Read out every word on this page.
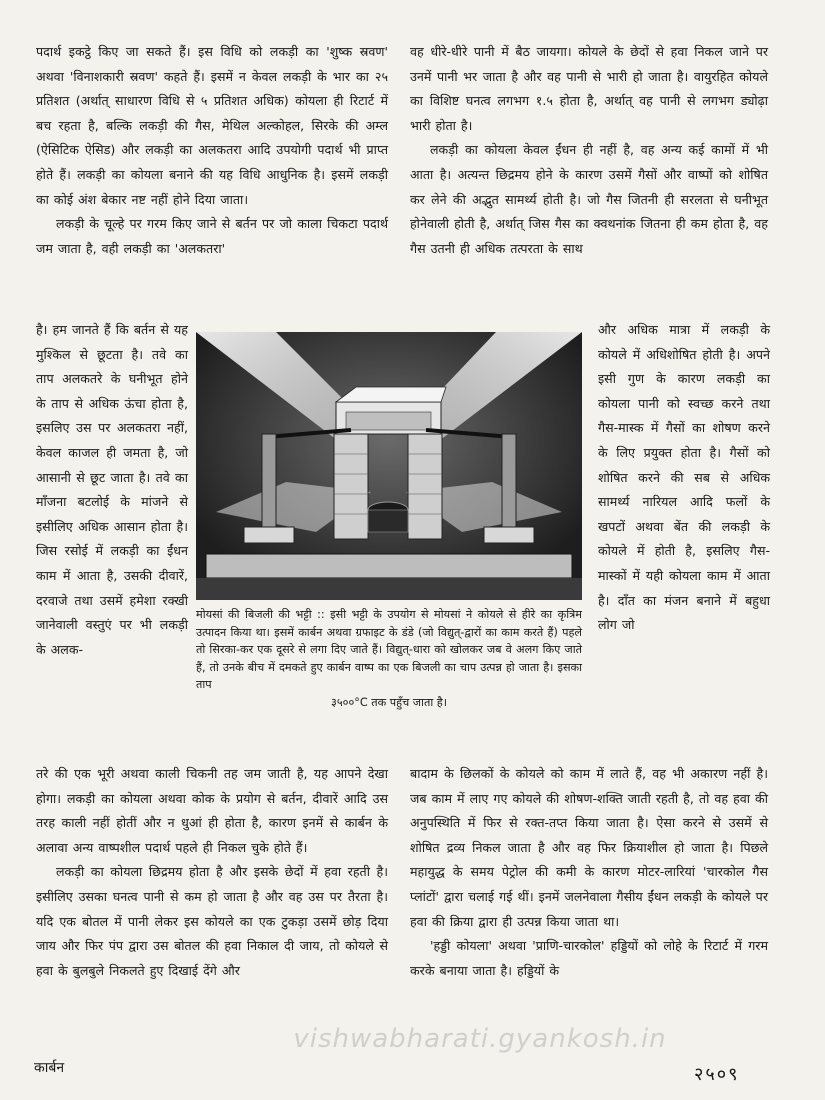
पदार्थ इकट्ठे किए जा सकते हैं। इस विधि को लकड़ी का 'शुष्क स्रवण' अथवा 'विनाशकारी स्रवण' कहते हैं। इसमें न केवल लकड़ी के भार का २५ प्रतिशत (अर्थात् साधारण विधि से ५ प्रतिशत अधिक) कोयला ही रिटार्ट में बच रहता है, बल्कि लकड़ी की गैस, मेथिल अल्कोहल, सिरके की अम्ल (ऐसिटिक ऐसिड) और लकड़ी का अलकतरा आदि उपयोगी पदार्थ भी प्राप्त होते हैं। लकड़ी का कोयला बनाने की यह विधि आधुनिक है। इसमें लकड़ी का कोई अंश बेकार नष्ट नहीं होने दिया जाता।

लकड़ी के चूल्हे पर गरम किए जाने से बर्तन पर जो काला चिकटा पदार्थ जम जाता है, वही लकड़ी का 'अलकतरा'

है। हम जानते हैं कि बर्तन से यह मुश्किल से छूटता है। तवे का ताप अलकतरे के घनीभूत होने के ताप से अधिक ऊंचा होता है, इसलिए उस पर अलकतरा नहीं, केवल काजल ही जमता है, जो आसानी से छूट जाता है। तवे का माँजना बटलोई के मांजने से इसीलिए अधिक आसान होता है। जिस रसोई में लकड़ी का ईंधन काम में आता है, उसकी दीवारें, दरवाजे तथा उसमें हमेशा रक्खी जानेवाली वस्तुएं पर भी लकड़ी के अलक-

तरे की एक भूरी अथवा काली चिकनी तह जम जाती है, यह आपने देखा होगा। लकड़ी का कोयला अथवा कोक के प्रयोग से बर्तन, दीवारें आदि उस तरह काली नहीं होतीं और न धुआं ही होता है, कारण इनमें से कार्बन के अलावा अन्य वाष्पशील पदार्थ पहले ही निकल चुके होते हैं।

लकड़ी का कोयला छिद्रमय होता है और इसके छेदों में हवा रहती है। इसीलिए उसका घनत्व पानी से कम हो जाता है और वह उस पर तैरता है। यदि एक बोतल में पानी लेकर इस कोयले का एक टुकड़ा उसमें छोड़ दिया जाय और फिर पंप द्वारा उस बोतल की हवा निकाल दी जाय, तो कोयले से हवा के बुलबुले निकलते हुए दिखाई देंगे और

वह धीरे-धीरे पानी में बैठ जायगा। कोयले के छेदों से हवा निकल जाने पर उनमें पानी भर जाता है और वह पानी से भारी हो जाता है। वायुरहित कोयले का विशिष्ट घनत्व लगभग १.५ होता है, अर्थात् वह पानी से लगभग ड्योढ़ा भारी होता है।

लकड़ी का कोयला केवल ईंधन ही नहीं है, वह अन्य कई कामों में भी आता है। अत्यन्त छिद्रमय होने के कारण उसमें गैसों और वाष्पों को शोषित कर लेने की अद्भुत सामर्थ्य होती है। जो गैस जितनी ही सरलता से घनीभूत होनेवाली होती है, अर्थात् जिस गैस का क्वथनांक जितना ही कम होता है, वह गैस उतनी ही अधिक तत्परता के साथ

और अधिक मात्रा में लकड़ी के कोयले में अधिशोषित होती है। अपने इसी गुण के कारण लकड़ी का कोयला पानी को स्वच्छ करने तथा गैस-मास्क में गैसों का शोषण करने के लिए प्रयुक्त होता है। गैसों को शोषित करने की सब से अधिक सामर्थ्य नारियल आदि फलों के खपटों अथवा बेंत की लकड़ी के कोयले में होती है, इसलिए गैस-मास्कों में यही कोयला काम में आता है। दाँत का मंजन बनाने में बहुधा लोग जो

बादाम के छिलकों के कोयले को काम में लाते हैं, वह भी अकारण नहीं है। जब काम में लाए गए कोयले की शोषण-शक्ति जाती रहती है, तो वह हवा की अनुपस्थिति में फिर से रक्त-तप्त किया जाता है। ऐसा करने से उसमें से शोषित द्रव्य निकल जाता है और वह फिर क्रियाशील हो जाता है। पिछले महायुद्ध के समय पेट्रोल की कमी के कारण मोटर-लारियां 'चारकोल गैस प्लांटों' द्वारा चलाई गई थीं। इनमें जलनेवाला गैसीय ईंधन लकड़ी के कोयले पर हवा की क्रिया द्वारा ही उत्पन्न किया जाता था।

'हड्डी कोयला' अथवा 'प्राणि-चारकोल' हड्डियों को लोहे के रिटार्ट में गरम करके बनाया जाता है। हड्डियों के

मोयसां की बिजली की भट्टी :: इसी भट्टी के उपयोग से मोयसां ने कोयले से हीरे का कृत्रिम उत्पादन किया था। इसमें कार्बन अथवा ग्रफाइट के डंडे (जो विद्युत्-द्वारों का काम करते हैं) पहले तो सिरका-कर एक दूसरे से लगा दिए जाते हैं। विद्युत्-धारा को खोलकर जब वे अलग किए जाते हैं, तो उनके बीच में दमकते हुए कार्बन वाष्प का एक बिजली का चाप उत्पन्न हो जाता है। इसका ताप
३५००°C तक पहुँच जाता है।
vishwabharati.gyankosh.in
कार्बन	२५०९
